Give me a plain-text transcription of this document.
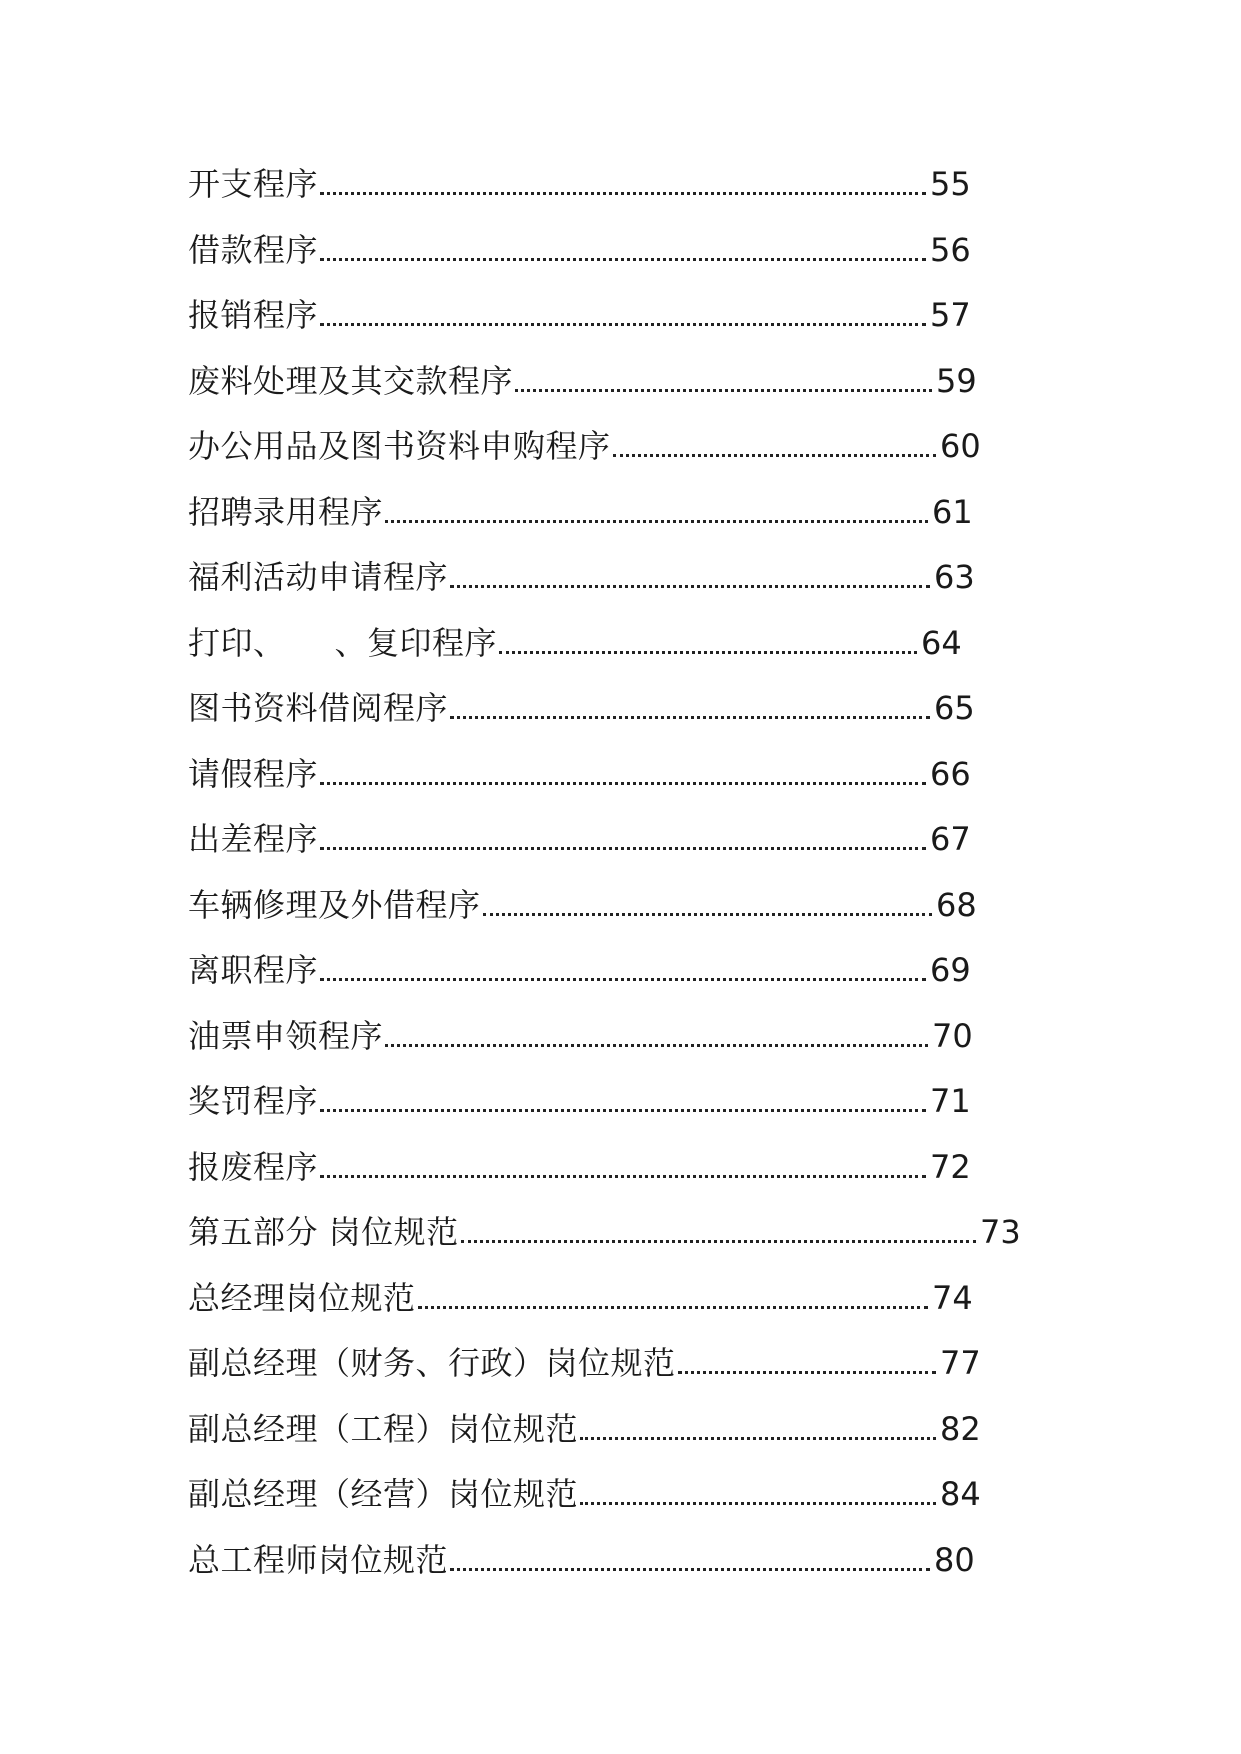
开支程序	55
借款程序	56
报销程序	57
废料处理及其交款程序	59
办公用品及图书资料申购程序	60
招聘录用程序	61
福利活动申请程序	63
打印、　　、复印程序	64
图书资料借阅程序	65
请假程序	66
出差程序	67
车辆修理及外借程序	68
离职程序	69
油票申领程序	70
奖罚程序	71
报废程序	72
第五部分 岗位规范	73
总经理岗位规范	74
副总经理（财务、行政）岗位规范	77
副总经理（工程）岗位规范	82
副总经理（经营）岗位规范	84
总工程师岗位规范	80
